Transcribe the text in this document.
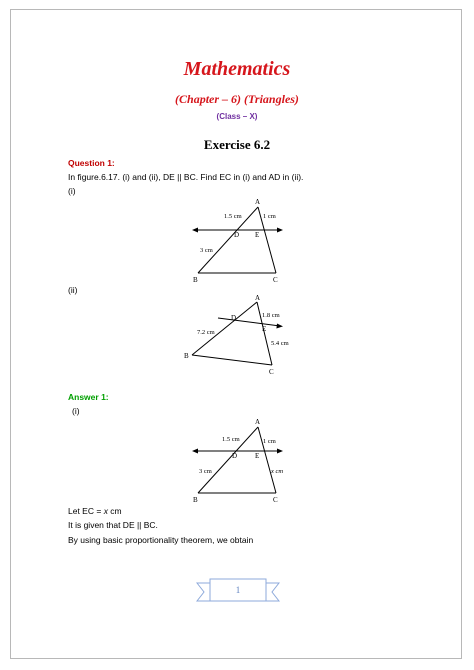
Mathematics
(Chapter – 6) (Triangles)
(Class – X)
Exercise 6.2
Question 1:
In figure.6.17. (i) and (ii), DE || BC. Find EC in (i) and AD in (ii).
(i)
A
D E
B	C
1.5 cm	1 cm
3 cm
(ii)
A
D
E
B
C
1.8 cm
7.2 cm
5.4 cm
Answer 1:
(i)
A
D	E
B	C
1.5 cm	1 cm
3 cm	x cm
Let EC = x cm
It is given that DE || BC.
By using basic proportionality theorem, we obtain
1
